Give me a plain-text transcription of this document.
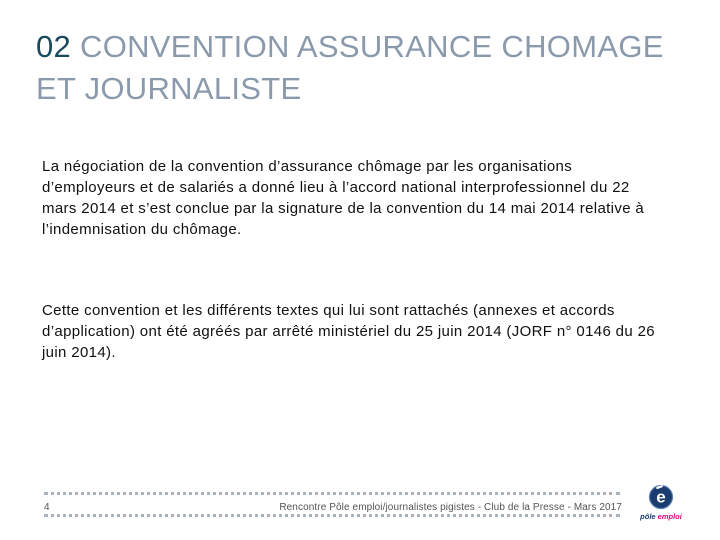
02 CONVENTION ASSURANCE CHOMAGE ET JOURNALISTE
La négociation de la convention d’assurance chômage par les organisations d’employeurs et de salariés a donné lieu à l’accord national interprofessionnel du 22 mars 2014 et s’est conclue par la signature de la convention du 14 mai 2014 relative à l’indemnisation du chômage.
Cette convention et les différents textes qui lui sont rattachés (annexes et accords d’application) ont été agréés par arrêté ministériel du 25 juin 2014 (JORF n° 0146 du 26 juin 2014).
4	Rencontre Pôle emploi/journalistes pigistes - Club de la Presse - Mars 2017
e
pôle emploi
